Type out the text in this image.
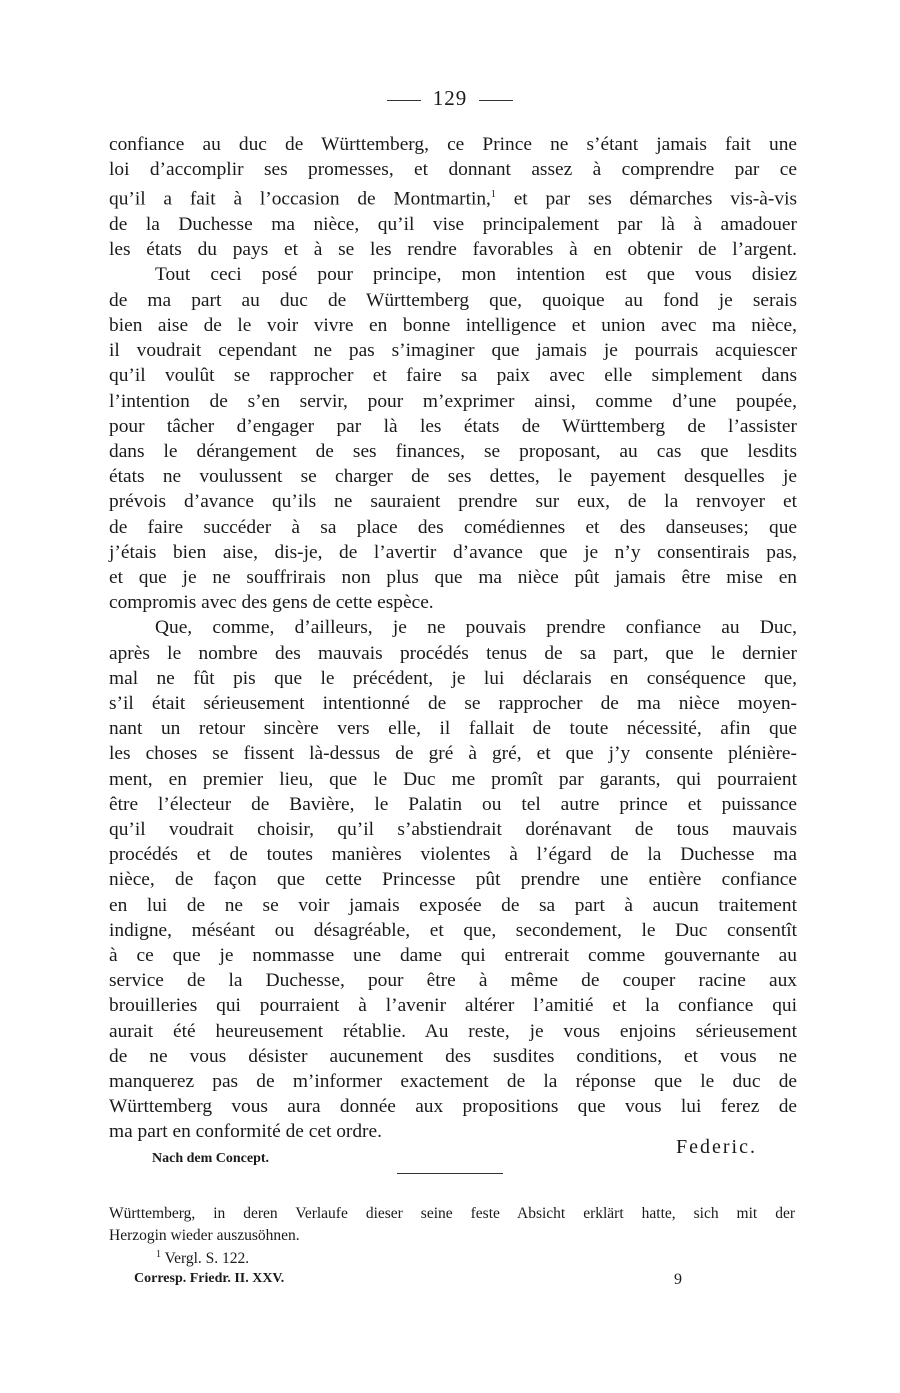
129
confiance au duc de Württemberg, ce Prince ne s’étant jamais fait une
loi d’accomplir ses promesses, et donnant assez à comprendre par ce
qu’il a fait à l’occasion de Montmartin,$^1$ et par ses démarches vis-à-vis
de la Duchesse ma nièce, qu’il vise principalement par là à amadouer
les états du pays et à se les rendre favorables à en obtenir de l’argent.
Tout ceci posé pour principe, mon intention est que vous disiez
de ma part au duc de Württemberg que, quoique au fond je serais
bien aise de le voir vivre en bonne intelligence et union avec ma nièce,
il voudrait cependant ne pas s’imaginer que jamais je pourrais acquiescer
qu’il voulût se rapprocher et faire sa paix avec elle simplement dans
l’intention de s’en servir, pour m’exprimer ainsi, comme d’une poupée,
pour tâcher d’engager par là les états de Württemberg de l’assister
dans le dérangement de ses finances, se proposant, au cas que lesdits
états ne voulussent se charger de ses dettes, le payement desquelles je
prévois d’avance qu’ils ne sauraient prendre sur eux, de la renvoyer et
de faire succéder à sa place des comédiennes et des danseuses; que
j’étais bien aise, dis-je, de l’avertir d’avance que je n’y consentirais pas,
et que je ne souffrirais non plus que ma nièce pût jamais être mise en
compromis avec des gens de cette espèce.
Que, comme, d’ailleurs, je ne pouvais prendre confiance au Duc,
après le nombre des mauvais procédés tenus de sa part, que le dernier
mal ne fût pis que le précédent, je lui déclarais en conséquence que,
s’il était sérieusement intentionné de se rapprocher de ma nièce moyen-
nant un retour sincère vers elle, il fallait de toute nécessité, afin que
les choses se fissent là-dessus de gré à gré, et que j’y consente plénière-
ment, en premier lieu, que le Duc me promît par garants, qui pourraient
être l’électeur de Bavière, le Palatin ou tel autre prince et puissance
qu’il voudrait choisir, qu’il s’abstiendrait dorénavant de tous mauvais
procédés et de toutes manières violentes à l’égard de la Duchesse ma
nièce, de façon que cette Princesse pût prendre une entière confiance
en lui de ne se voir jamais exposée de sa part à aucun traitement
indigne, méséant ou désagréable, et que, secondement, le Duc consentît
à ce que je nommasse une dame qui entrerait comme gouvernante au
service de la Duchesse, pour être à même de couper racine aux
brouilleries qui pourraient à l’avenir altérer l’amitié et la confiance qui
aurait été heureusement rétablie. Au reste, je vous enjoins sérieusement
de ne vous désister aucunement des susdites conditions, et vous ne
manquerez pas de m’informer exactement de la réponse que le duc de
Württemberg vous aura donnée aux propositions que vous lui ferez de
ma part en conformité de cet ordre.
Federic.
Nach dem Concept.
Württemberg, in deren Verlaufe dieser seine feste Absicht erklärt hatte, sich mit der
Herzogin wieder auszusöhnen.
$^1$ Vergl. S. 122.
Corresp. Friedr. II. XXV.	9
